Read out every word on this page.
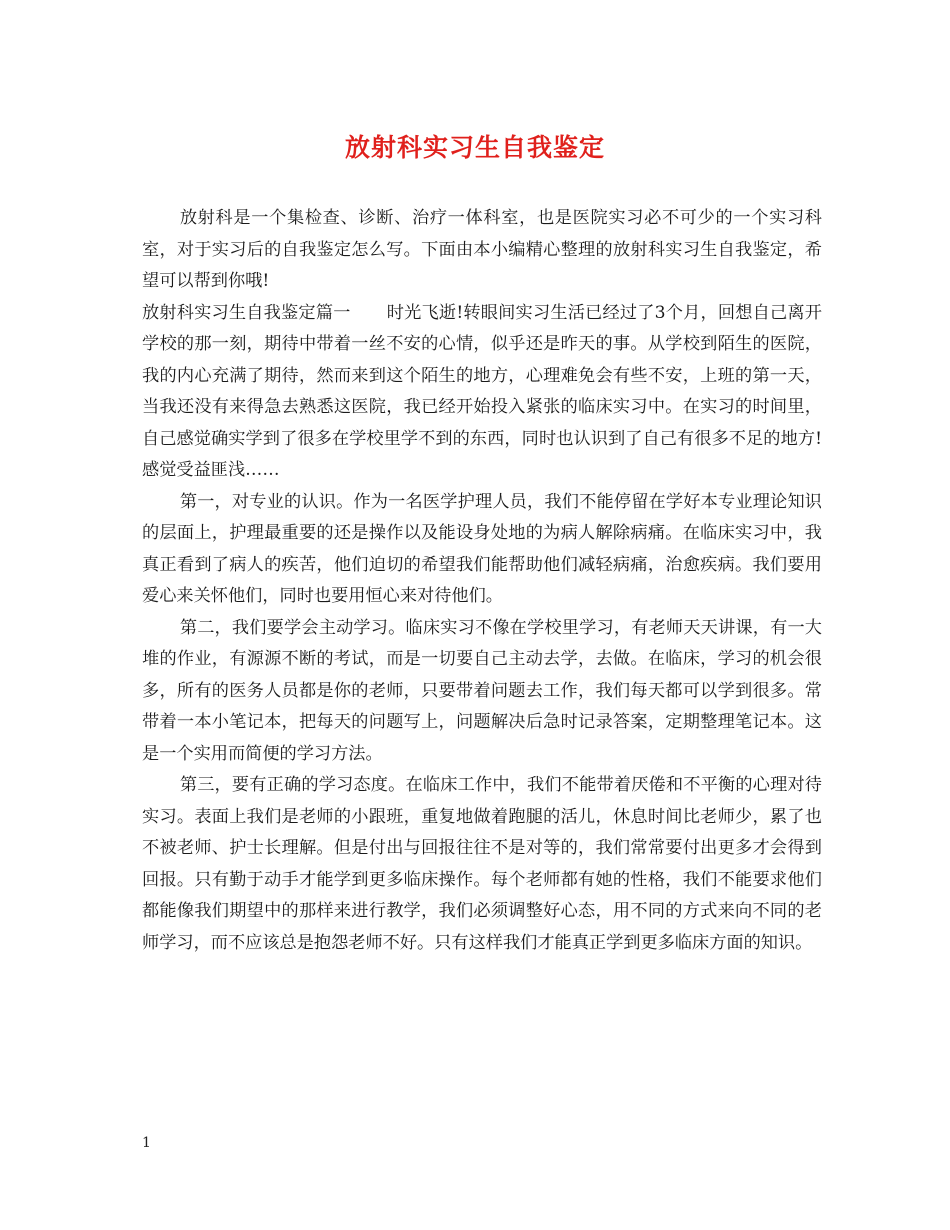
放射科实习生自我鉴定

放射科是一个集检查、诊断、治疗一体科室，也是医院实习必不可少的一个实习科室，对于实习后的自我鉴定怎么写。下面由本小编精心整理的放射科实习生自我鉴定，希望可以帮到你哦!

放射科实习生自我鉴定篇一 时光飞逝!转眼间实习生活已经过了3个月，回想自己离开学校的那一刻，期待中带着一丝不安的心情，似乎还是昨天的事。从学校到陌生的医院，我的内心充满了期待，然而来到这个陌生的地方，心理难免会有些不安，上班的第一天，当我还没有来得急去熟悉这医院，我已经开始投入紧张的临床实习中。在实习的时间里，自己感觉确实学到了很多在学校里学不到的东西，同时也认识到了自己有很多不足的地方!感觉受益匪浅……

第一，对专业的认识。作为一名医学护理人员，我们不能停留在学好本专业理论知识的层面上，护理最重要的还是操作以及能设身处地的为病人解除病痛。在临床实习中，我真正看到了病人的疾苦，他们迫切的希望我们能帮助他们减轻病痛，治愈疾病。我们要用爱心来关怀他们，同时也要用恒心来对待他们。

第二，我们要学会主动学习。临床实习不像在学校里学习，有老师天天讲课，有一大堆的作业，有源源不断的考试，而是一切要自己主动去学，去做。在临床，学习的机会很多，所有的医务人员都是你的老师，只要带着问题去工作，我们每天都可以学到很多。常带着一本小笔记本，把每天的问题写上，问题解决后急时记录答案，定期整理笔记本。这是一个实用而简便的学习方法。

第三，要有正确的学习态度。在临床工作中，我们不能带着厌倦和不平衡的心理对待实习。表面上我们是老师的小跟班，重复地做着跑腿的活儿，休息时间比老师少，累了也不被老师、护士长理解。但是付出与回报往往不是对等的，我们常常要付出更多才会得到回报。只有勤于动手才能学到更多临床操作。每个老师都有她的性格，我们不能要求他们都能像我们期望中的那样来进行教学，我们必须调整好心态，用不同的方式来向不同的老师学习，而不应该总是抱怨老师不好。只有这样我们才能真正学到更多临床方面的知识。

1
